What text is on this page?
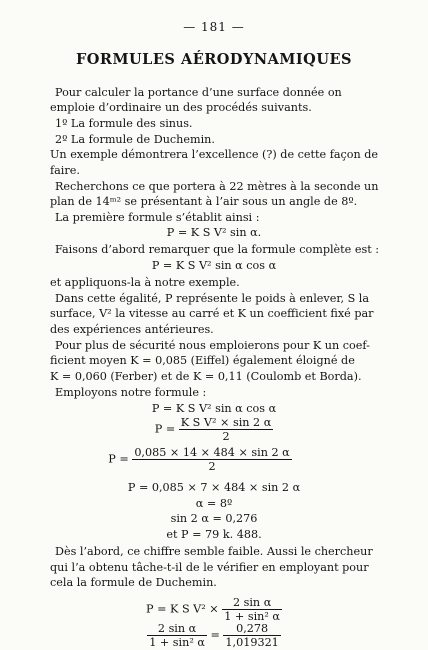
— 181 —
FORMULES AÉRODYNAMIQUES
Pour calculer la portance d’une surface donnée on
emploie d’ordinaire un des procédés suivants.
1º La formule des sinus.
2º La formule de Duchemin.
Un exemple démontrera l’excellence (?) de cette façon de
faire.
Recherchons ce que portera à 22 mètres à la seconde un
plan de 14ᵐ² se présentant à l’air sous un angle de 8º.
La première formule s’établit ainsi :
P = K S V² sin α.
Faisons d’abord remarquer que la formule complète est :
P = K S V² sin α cos α
et appliquons-la à notre exemple.
Dans cette égalité, P représente le poids à enlever, S la
surface, V² la vitesse au carré et K un coefficient fixé par
des expériences antérieures.
Pour plus de sécurité nous emploierons pour K un coef-
ficient moyen K = 0,085 (Eiffel) également éloigné de
K = 0,060 (Ferber) et de K = 0,11 (Coulomb et Borda).
Employons notre formule :
P = K S V² sin α cos α
$P = \frac{\text{K S V² × sin 2 α}}{2}$
$P = \frac{0,085 \times 14 \times 484 \times \sin 2 \alpha}{2}$
P = 0,085 × 7 × 484 × sin 2 α
α = 8º
sin 2 α = 0,276
et P = 79 k. 488.
Dès l’abord, ce chiffre semble faible. Aussi le chercheur
qui l’a obtenu tâche-t-il de le vérifier en employant pour
cela la formule de Duchemin.
P = K S $V^2 \times \frac{\text{2 sin α}}{\text{1 + sin² α}}$
$\frac{\text{2 sin α}}{\text{1 + sin² α}} = \frac{0,278}{1,019321}$
